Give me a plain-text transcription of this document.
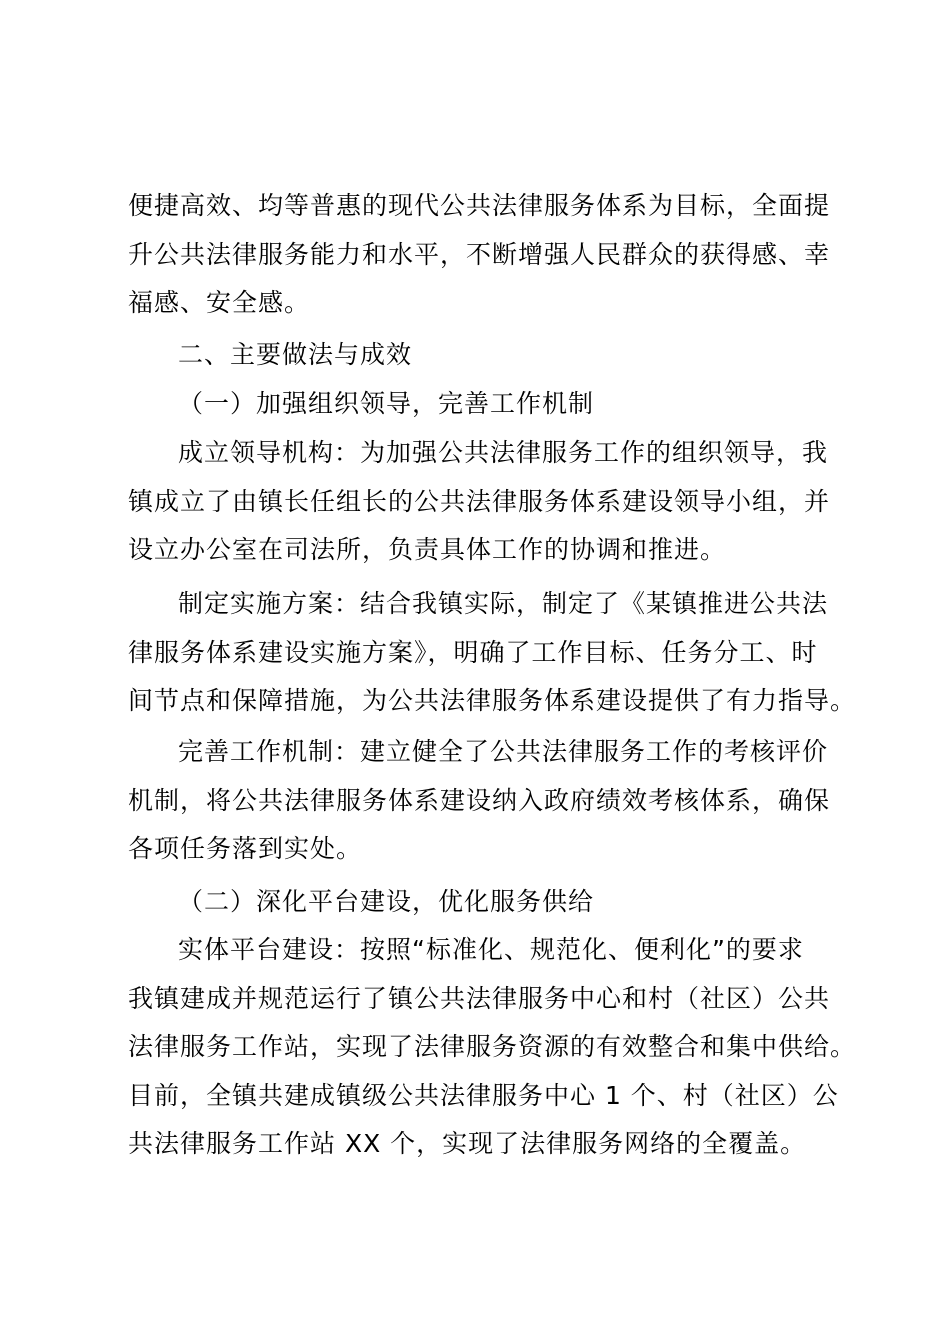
便捷高效、均等普惠的现代公共法律服务体系为目标，全面提
升公共法律服务能力和水平，不断增强人民群众的获得感、幸
福感、安全感。
二、主要做法与成效
（一）加强组织领导，完善工作机制
成立领导机构：为加强公共法律服务工作的组织领导，我
镇成立了由镇长任组长的公共法律服务体系建设领导小组，并
设立办公室在司法所，负责具体工作的协调和推进。
制定实施方案：结合我镇实际，制定了《某镇推进公共法
律服务体系建设实施方案》，明确了工作目标、任务分工、时
间节点和保障措施，为公共法律服务体系建设提供了有力指导。
完善工作机制：建立健全了公共法律服务工作的考核评价
机制，将公共法律服务体系建设纳入政府绩效考核体系，确保
各项任务落到实处。
（二）深化平台建设，优化服务供给
实体平台建设：按照“标准化、规范化、便利化”的要求
我镇建成并规范运行了镇公共法律服务中心和村（社区）公共
法律服务工作站，实现了法律服务资源的有效整合和集中供给。
目前，全镇共建成镇级公共法律服务中心 1 个、村（社区）公
共法律服务工作站 XX 个，实现了法律服务网络的全覆盖。
